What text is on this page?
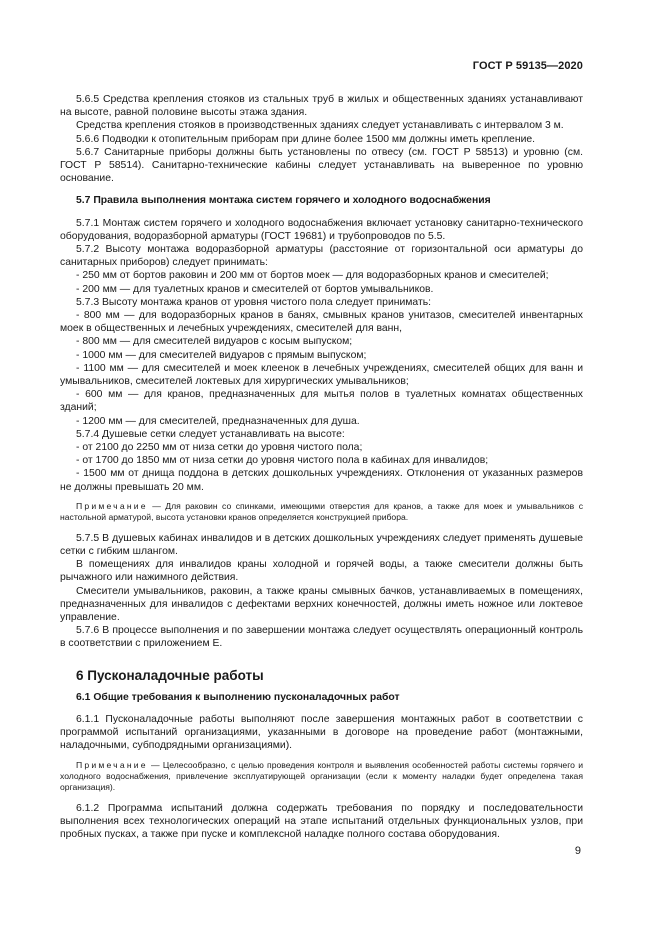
ГОСТ Р 59135—2020

5.6.5 Средства крепления стояков из стальных труб в жилых и общественных зданиях устанавливают на высоте, равной половине высоты этажа здания.

Средства крепления стояков в производственных зданиях следует устанавливать с интервалом 3 м.

5.6.6 Подводки к отопительным приборам при длине более 1500 мм должны иметь крепление.

5.6.7 Санитарные приборы должны быть установлены по отвесу (см. ГОСТ Р 58513) и уровню (см. ГОСТ Р 58514). Санитарно-технические кабины следует устанавливать на выверенное по уровню основание.

5.7 Правила выполнения монтажа систем горячего и холодного водоснабжения

5.7.1 Монтаж систем горячего и холодного водоснабжения включает установку санитарно-технического оборудования, водоразборной арматуры (ГОСТ 19681) и трубопроводов по 5.5.

5.7.2 Высоту монтажа водоразборной арматуры (расстояние от горизонтальной оси арматуры до санитарных приборов) следует принимать:

- 250 мм от бортов раковин и 200 мм от бортов моек — для водоразборных кранов и смесителей;

- 200 мм — для туалетных кранов и смесителей от бортов умывальников.

5.7.3 Высоту монтажа кранов от уровня чистого пола следует принимать:

- 800 мм — для водоразборных кранов в банях, смывных кранов унитазов, смесителей инвентарных моек в общественных и лечебных учреждениях, смесителей для ванн,

- 800 мм — для смесителей видуаров с косым выпуском;

- 1000 мм — для смесителей видуаров с прямым выпуском;

- 1100 мм — для смесителей и моек клеенок в лечебных учреждениях, смесителей общих для ванн и умывальников, смесителей локтевых для хирургических умывальников;

- 600 мм — для кранов, предназначенных для мытья полов в туалетных комнатах общественных зданий;

- 1200 мм — для смесителей, предназначенных для душа.

5.7.4 Душевые сетки следует устанавливать на высоте:

- от 2100 до 2250 мм от низа сетки до уровня чистого пола;

- от 1700 до 1850 мм от низа сетки до уровня чистого пола в кабинах для инвалидов;

- 1500 мм от днища поддона в детских дошкольных учреждениях. Отклонения от указанных размеров не должны превышать 20 мм.

Примечание — Для раковин со спинками, имеющими отверстия для кранов, а также для моек и умывальников с настольной арматурой, высота установки кранов определяется конструкцией прибора.

5.7.5 В душевых кабинах инвалидов и в детских дошкольных учреждениях следует применять душевые сетки с гибким шлангом.

В помещениях для инвалидов краны холодной и горячей воды, а также смесители должны быть рычажного или нажимного действия.

Смесители умывальников, раковин, а также краны смывных бачков, устанавливаемых в помещениях, предназначенных для инвалидов с дефектами верхних конечностей, должны иметь ножное или локтевое управление.

5.7.6 В процессе выполнения и по завершении монтажа следует осуществлять операционный контроль в соответствии с приложением Е.

6 Пусконаладочные работы
6.1 Общие требования к выполнению пусконаладочных работ

6.1.1 Пусконаладочные работы выполняют после завершения монтажных работ в соответствии с программой испытаний организациями, указанными в договоре на проведение работ (монтажными, наладочными, субподрядными организациями).

Примечание — Целесообразно, с целью проведения контроля и выявления особенностей работы системы горячего и холодного водоснабжения, привлечение эксплуатирующей организации (если к моменту наладки будет определена такая организация).

6.1.2 Программа испытаний должна содержать требования по порядку и последовательности выполнения всех технологических операций на этапе испытаний отдельных функциональных узлов, при пробных пусках, а также при пуске и комплексной наладке полного состава оборудования.

9
